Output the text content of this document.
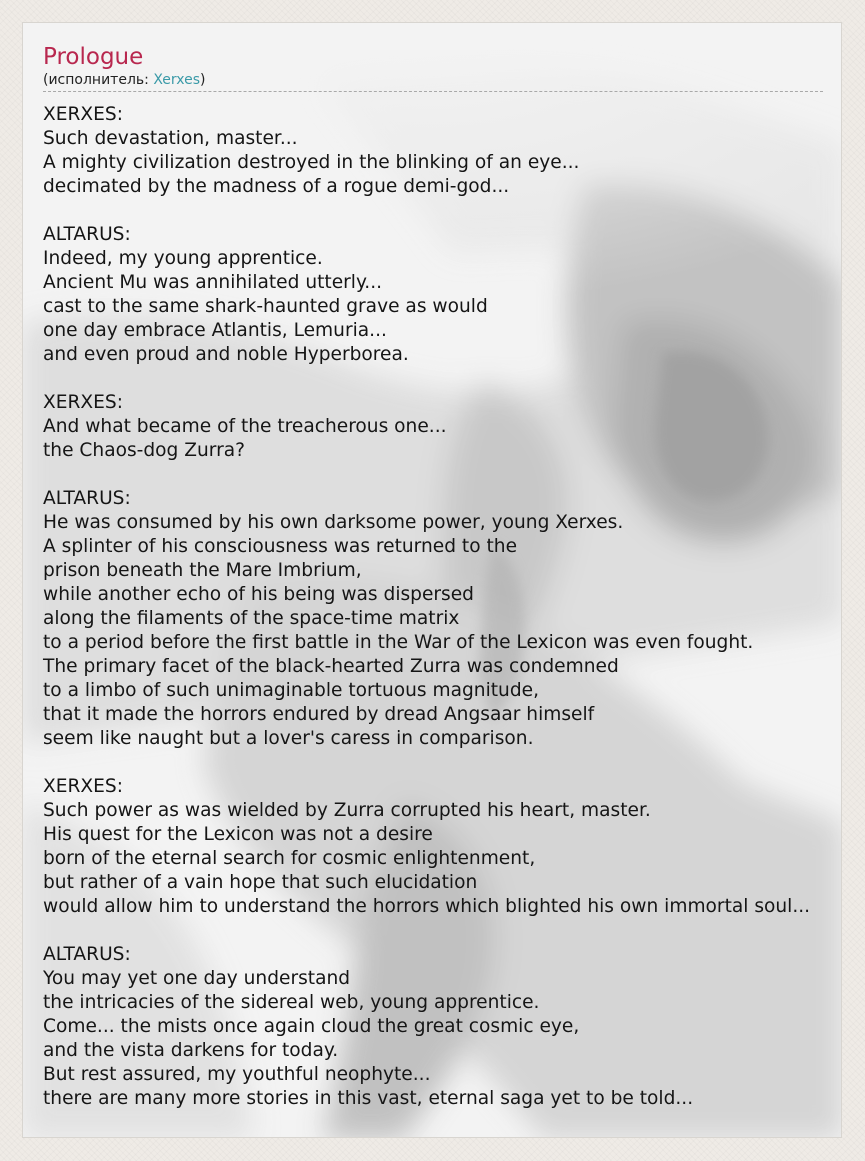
Prologue
(исполнитель: Xerxes)
XERXES:
Such devastation, master...
A mighty civilization destroyed in the blinking of an eye...
decimated by the madness of a rogue demi-god...
ALTARUS:
Indeed, my young apprentice.
Ancient Mu was annihilated utterly...
cast to the same shark-haunted grave as would
one day embrace Atlantis, Lemuria...
and even proud and noble Hyperborea.
XERXES:
And what became of the treacherous one...
the Chaos-dog Zurra?
ALTARUS:
He was consumed by his own darksome power, young Xerxes.
A splinter of his consciousness was returned to the
prison beneath the Mare Imbrium,
while another echo of his being was dispersed
along the filaments of the space-time matrix
to a period before the first battle in the War of the Lexicon was even fought.
The primary facet of the black-hearted Zurra was condemned
to a limbo of such unimaginable tortuous magnitude,
that it made the horrors endured by dread Angsaar himself
seem like naught but a lover's caress in comparison.
XERXES:
Such power as was wielded by Zurra corrupted his heart, master.
His quest for the Lexicon was not a desire
born of the eternal search for cosmic enlightenment,
but rather of a vain hope that such elucidation
would allow him to understand the horrors which blighted his own immortal soul...
ALTARUS:
You may yet one day understand
the intricacies of the sidereal web, young apprentice.
Come... the mists once again cloud the great cosmic eye,
and the vista darkens for today.
But rest assured, my youthful neophyte...
there are many more stories in this vast, eternal saga yet to be told...
